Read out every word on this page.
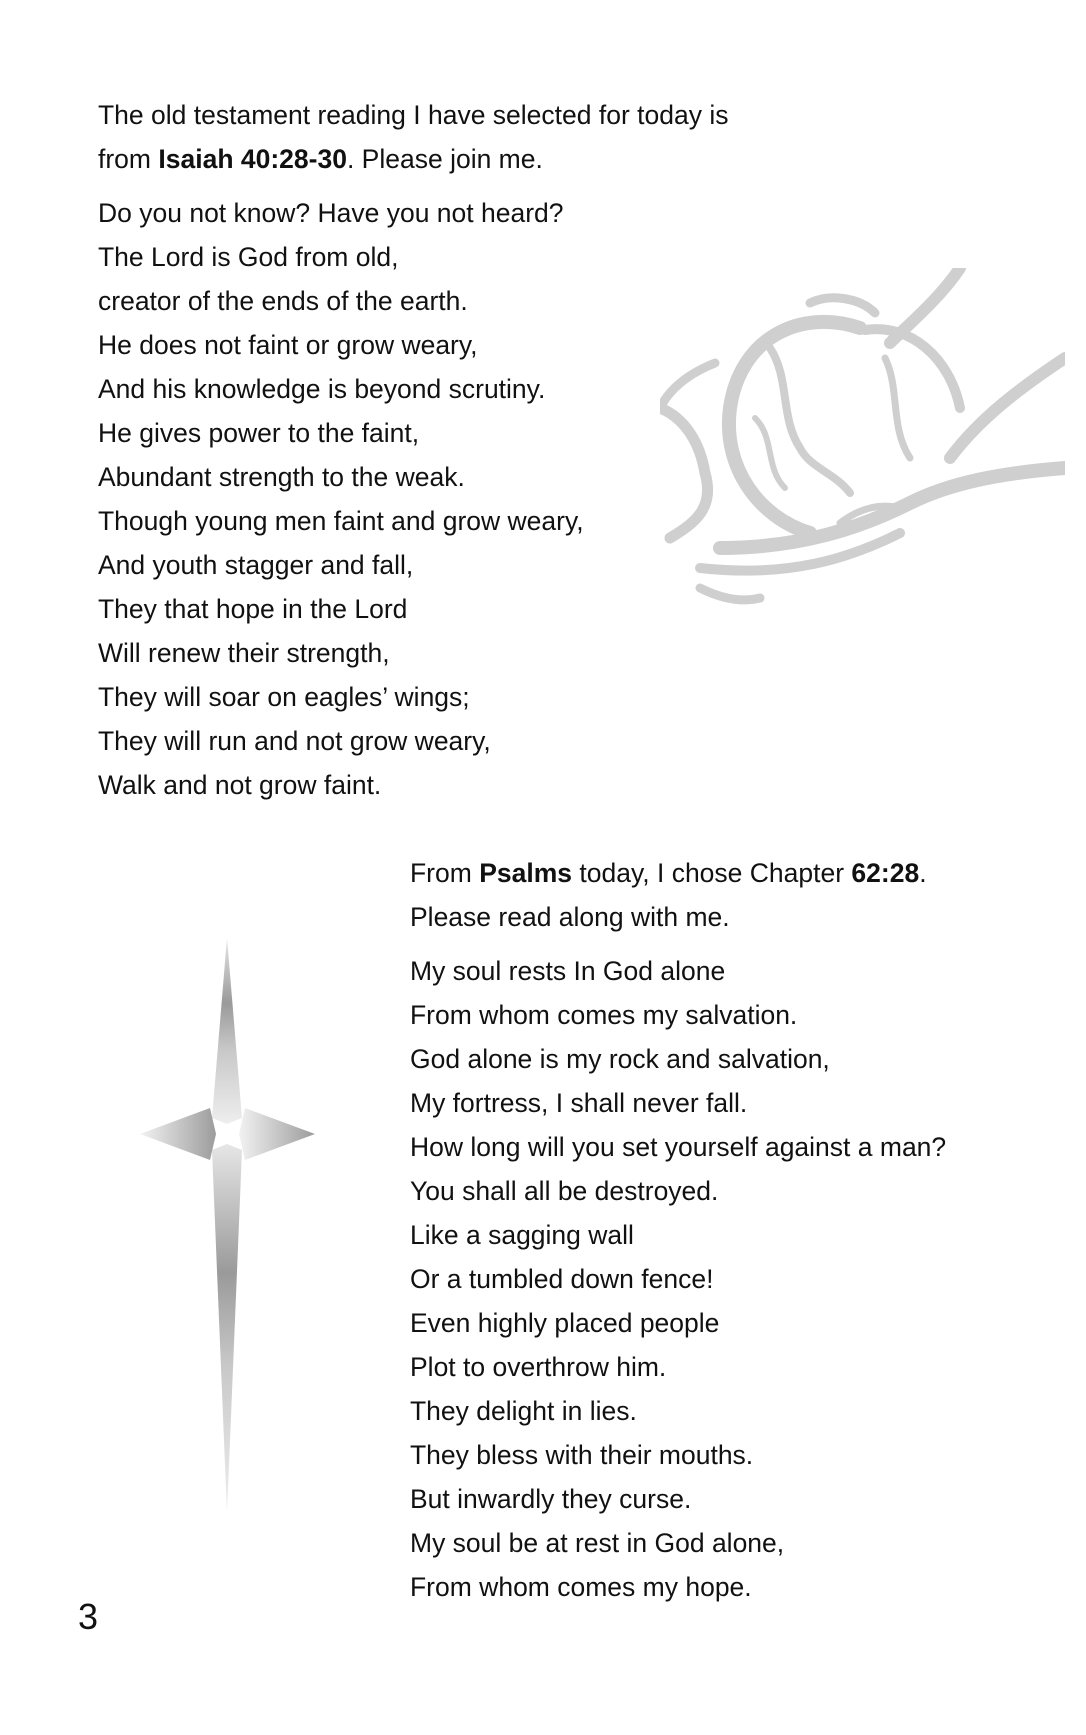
The old testament reading I have selected for today is
from Isaiah 40:28-30. Please join me.
Do you not know? Have you not heard?
The Lord is God from old,
creator of the ends of the earth.
He does not faint or grow weary,
And his knowledge is beyond scrutiny.
He gives power to the faint,
Abundant strength to the weak.
Though young men faint and grow weary,
And youth stagger and fall,
They that hope in the Lord
Will renew their strength,
They will soar on eagles’ wings;
They will run and not grow weary,
Walk and not grow faint.
From Psalms today, I chose Chapter 62:28.
Please read along with me.
My soul rests In God alone
From whom comes my salvation.
God alone is my rock and salvation,
My fortress, I shall never fall.
How long will you set yourself against a man?
You shall all be destroyed.
Like a sagging wall
Or a tumbled down fence!
Even highly placed people
Plot to overthrow him.
They delight in lies.
They bless with their mouths.
But inwardly they curse.
My soul be at rest in God alone,
From whom comes my hope.
3
